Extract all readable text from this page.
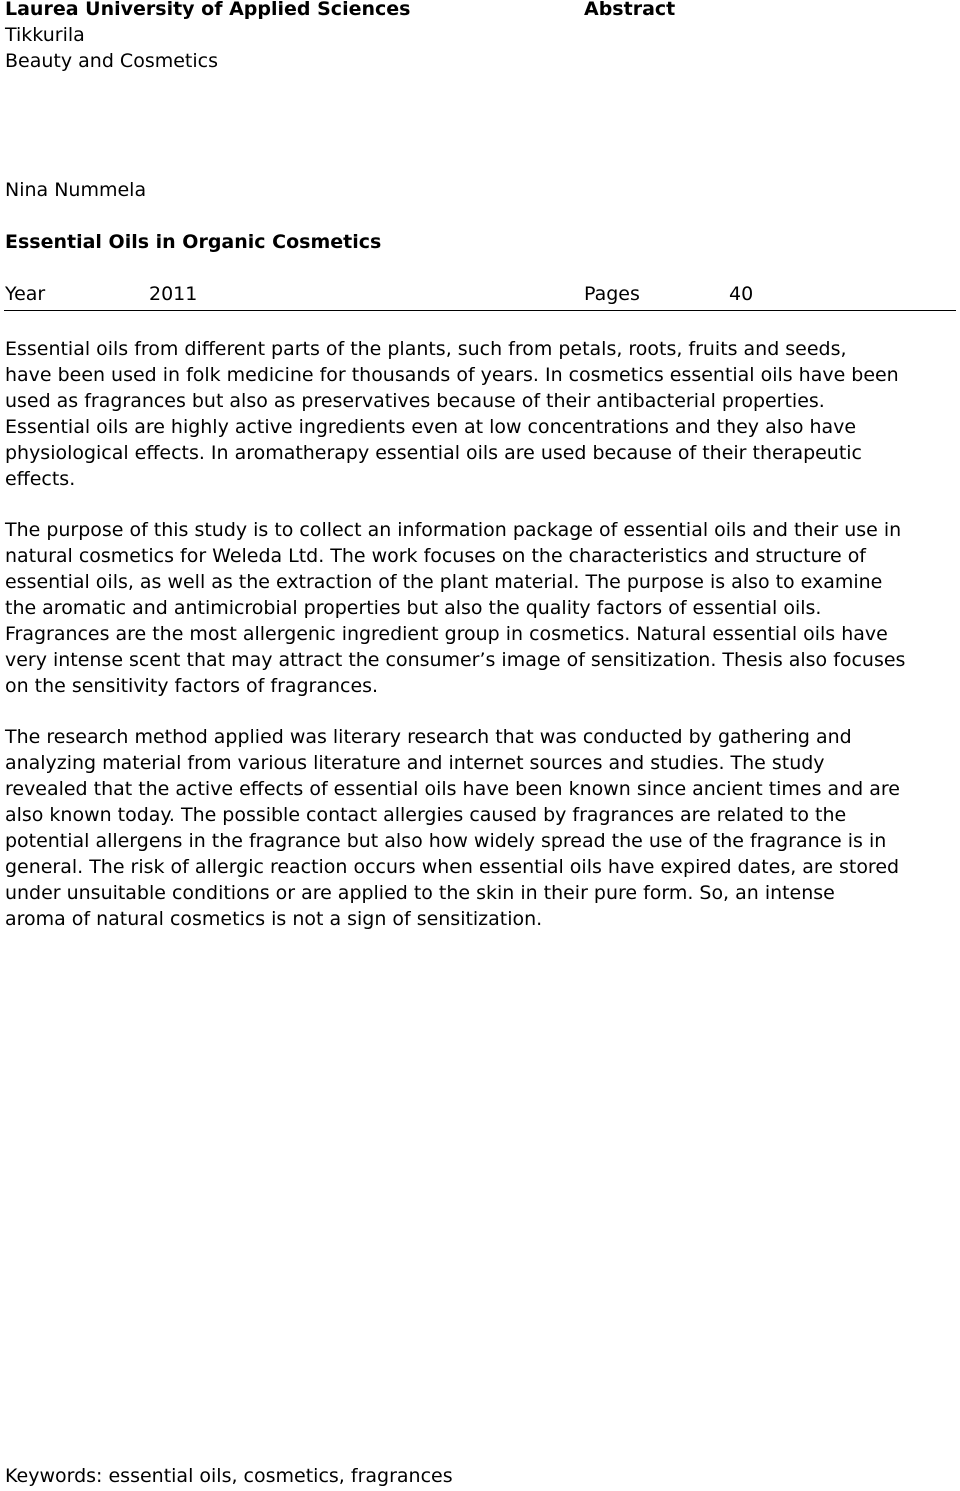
Laurea University of Applied Sciences
Tikkurila
Beauty and Cosmetics
Abstract
Nina Nummela
Essential Oils in Organic Cosmetics
Year	2011	Pages	40
Essential oils from different parts of the plants, such from petals, roots, fruits and seeds,
have been used in folk medicine for thousands of years. In cosmetics essential oils have been
used as fragrances but also as preservatives because of their antibacterial properties.
Essential oils are highly active ingredients even at low concentrations and they also have
physiological effects. In aromatherapy essential oils are used because of their therapeutic
effects.
The purpose of this study is to collect an information package of essential oils and their use in
natural cosmetics for Weleda Ltd. The work focuses on the characteristics and structure of
essential oils, as well as the extraction of the plant material. The purpose is also to examine
the aromatic and antimicrobial properties but also the quality factors of essential oils.
Fragrances are the most allergenic ingredient group in cosmetics. Natural essential oils have
very intense scent that may attract the consumer’s image of sensitization. Thesis also focuses
on the sensitivity factors of fragrances.
The research method applied was literary research that was conducted by gathering and
analyzing material from various literature and internet sources and studies. The study
revealed that the active effects of essential oils have been known since ancient times and are
also known today. The possible contact allergies caused by fragrances are related to the
potential allergens in the fragrance but also how widely spread the use of the fragrance is in
general. The risk of allergic reaction occurs when essential oils have expired dates, are stored
under unsuitable conditions or are applied to the skin in their pure form. So, an intense
aroma of natural cosmetics is not a sign of sensitization.
Keywords: essential oils, cosmetics, fragrances
